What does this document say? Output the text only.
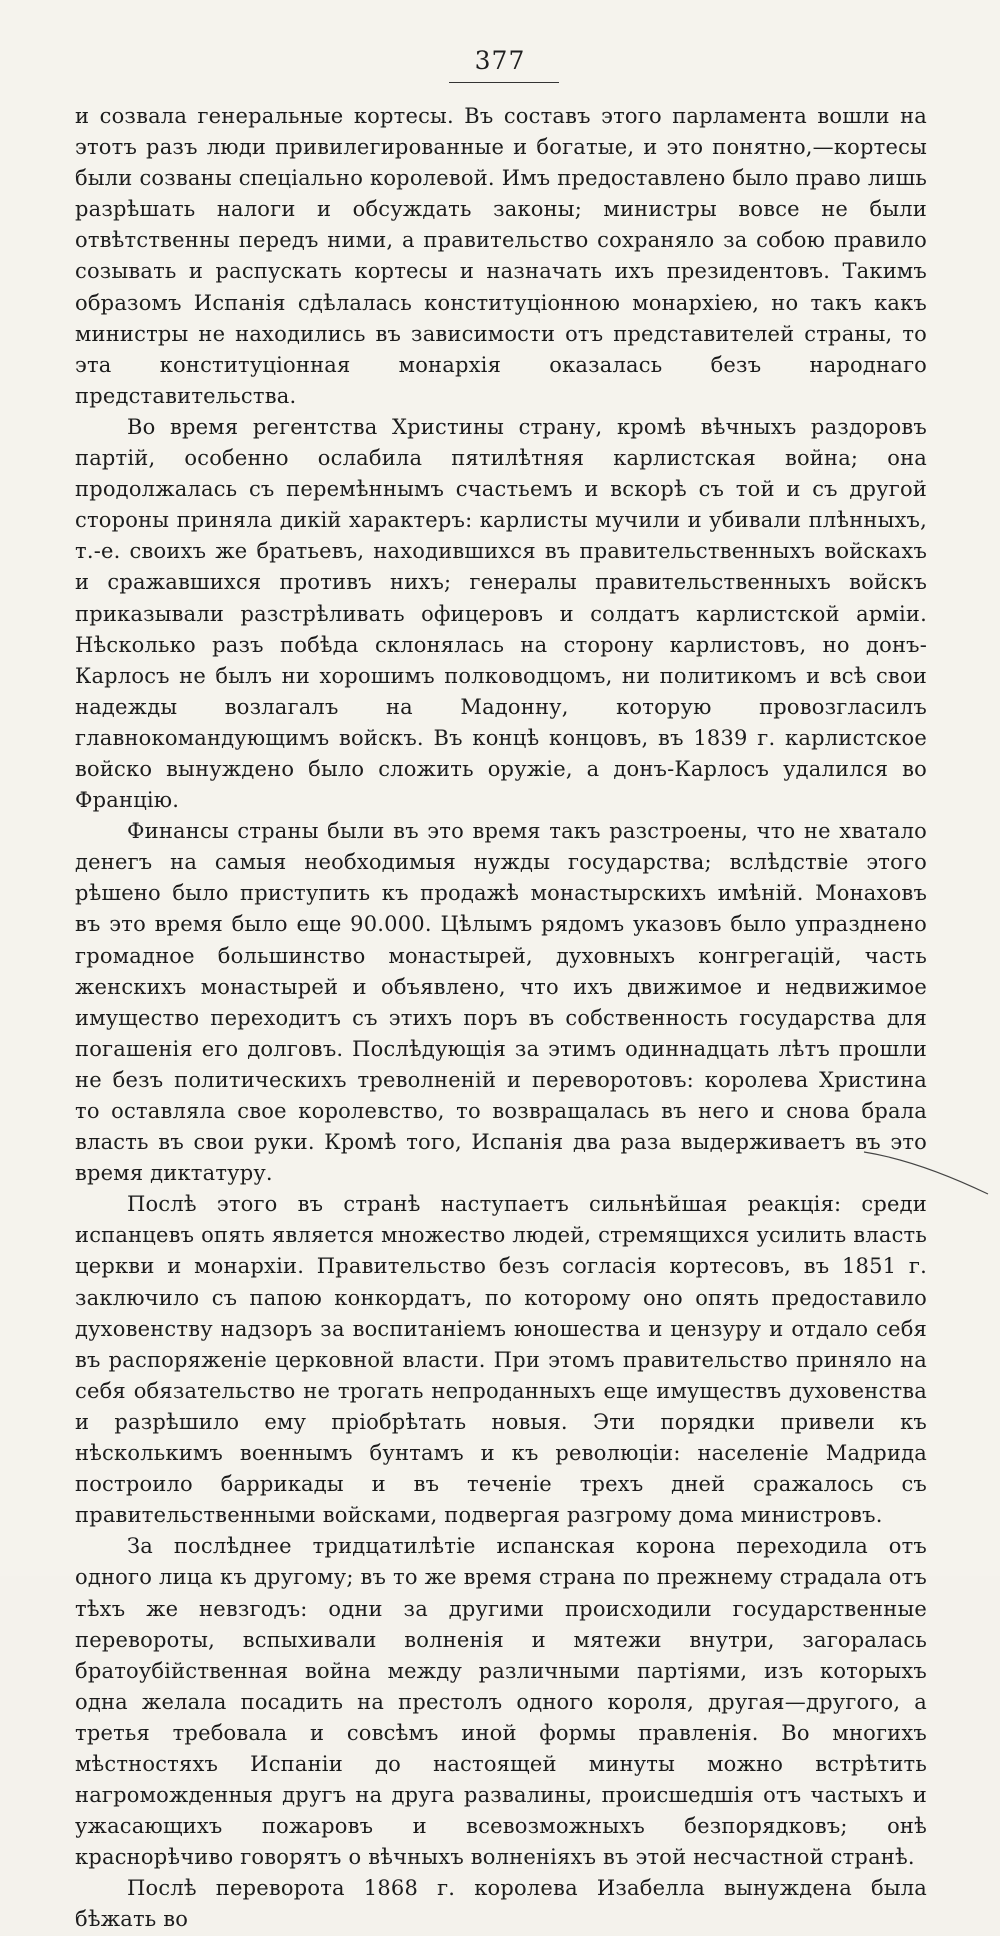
377

и созвала генеральные кортесы. Въ составъ этого парламента вошли на этотъ разъ люди привилегированные и богатые, и это понятно,—кортесы были созваны спеціально королевой. Имъ предоставлено было право лишь разрѣшать налоги и обсуждать законы; министры вовсе не были отвѣтственны передъ ними, а правительство сохраняло за собою правило созывать и распускать кортесы и назначать ихъ президентовъ. Такимъ образомъ Испанія сдѣлалась конституціонною монархіею, но такъ какъ министры не находились въ зависимости отъ представителей страны, то эта конституціонная монархія оказалась безъ народнаго представительства.

Во время регентства Христины страну, кромѣ вѣчныхъ раздоровъ партій, особенно ослабила пятилѣтняя карлистская война; она продолжалась съ перемѣннымъ счастьемъ и вскорѣ съ той и съ другой стороны приняла дикій характеръ: карлисты мучили и убивали плѣнныхъ, т.-е. своихъ же братьевъ, находившихся въ правительственныхъ войскахъ и сражавшихся противъ нихъ; генералы правительственныхъ войскъ приказывали разстрѣливать офицеровъ и солдатъ карлистской арміи. Нѣсколько разъ побѣда склонялась на сторону карлистовъ, но донъ-Карлосъ не былъ ни хорошимъ полководцомъ, ни политикомъ и всѣ свои надежды возлагалъ на Мадонну, которую провозгласилъ главнокомандующимъ войскъ. Въ концѣ концовъ, въ 1839 г. карлистское войско вынуждено было сложить оружіе, а донъ-Карлосъ удалился во Францію.

Финансы страны были въ это время такъ разстроены, что не хватало денегъ на самыя необходимыя нужды государства; вслѣдствіе этого рѣшено было приступить къ продажѣ монастырскихъ имѣній. Монаховъ въ это время было еще 90.000. Цѣлымъ рядомъ указовъ было упразднено громадное большинство монастырей, духовныхъ конгрегацій, часть женскихъ монастырей и объявлено, что ихъ движимое и недвижимое имущество переходитъ съ этихъ поръ въ собственность государства для погашенія его долговъ. Послѣдующія за этимъ одиннадцать лѣтъ прошли не безъ политическихъ треволненій и переворотовъ: королева Христина то оставляла свое королевство, то возвращалась въ него и снова брала власть въ свои руки. Кромѣ того, Испанія два раза выдерживаетъ въ это время диктатуру.

Послѣ этого въ странѣ наступаетъ сильнѣйшая реакція: среди испанцевъ опять является множество людей, стремящихся усилить власть церкви и монархіи. Правительство безъ согласія кортесовъ, въ 1851 г. заключило съ папою конкордатъ, по которому оно опять предоставило духовенству надзоръ за воспитаніемъ юношества и цензуру и отдало себя въ распоряженіе церковной власти. При этомъ правительство приняло на себя обязательство не трогать непроданныхъ еще имуществъ духовенства и разрѣшило ему пріобрѣтать новыя. Эти порядки привели къ нѣсколькимъ военнымъ бунтамъ и къ революціи: населеніе Мадрида построило баррикады и въ теченіе трехъ дней сражалось съ правительственными войсками, подвергая разгрому дома министровъ.

За послѣднее тридцатилѣтіе испанская корона переходила отъ одного лица къ другому; въ то же время страна по прежнему страдала отъ тѣхъ же невзгодъ: одни за другими происходили государственные перевороты, вспыхивали волненія и мятежи внутри, загоралась братоубійственная война между различными партіями, изъ которыхъ одна желала посадить на престолъ одного короля, другая—другого, а третья требовала и совсѣмъ иной формы правленія. Во многихъ мѣстностяхъ Испаніи до настоящей минуты можно встрѣтить нагроможденныя другъ на друга развалины, происшедшія отъ частыхъ и ужасающихъ пожаровъ и всевозможныхъ безпорядковъ; онѣ краснорѣчиво говорятъ о вѣчныхъ волненіяхъ въ этой несчастной странѣ.

Послѣ переворота 1868 г. королева Изабелла вынуждена была бѣжать во
